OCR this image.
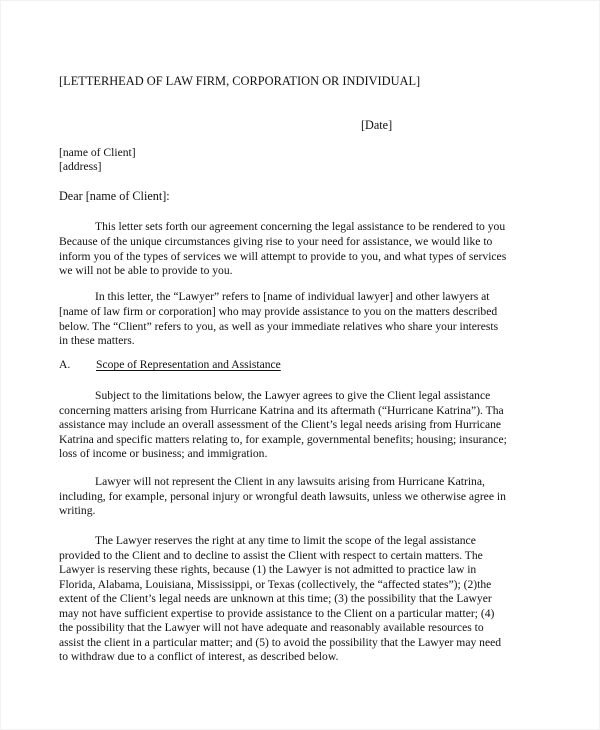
[LETTERHEAD OF LAW FIRM, CORPORATION OR INDIVIDUAL]
[Date]
[name of Client]
[address]
Dear [name of Client]:
This letter sets forth our agreement concerning the legal assistance to be rendered to you
Because of the unique circumstances giving rise to your need for assistance, we would like to
inform you of the types of services we will attempt to provide to you, and what types of services
we will not be able to provide to you.
In this letter, the “Lawyer” refers to [name of individual lawyer] and other lawyers at
[name of law firm or corporation] who may provide assistance to you on the matters described
below. The “Client” refers to you, as well as your immediate relatives who share your interests
in these matters.
A. Scope of Representation and Assistance
Subject to the limitations below, the Lawyer agrees to give the Client legal assistance
concerning matters arising from Hurricane Katrina and its aftermath (“Hurricane Katrina”). Tha
assistance may include an overall assessment of the Client’s legal needs arising from Hurricane
Katrina and specific matters relating to, for example, governmental benefits; housing; insurance;
loss of income or business; and immigration.
Lawyer will not represent the Client in any lawsuits arising from Hurricane Katrina,
including, for example, personal injury or wrongful death lawsuits, unless we otherwise agree in
writing.
The Lawyer reserves the right at any time to limit the scope of the legal assistance
provided to the Client and to decline to assist the Client with respect to certain matters. The
Lawyer is reserving these rights, because (1) the Lawyer is not admitted to practice law in
Florida, Alabama, Louisiana, Mississippi, or Texas (collectively, the “affected states”); (2)the
extent of the Client’s legal needs are unknown at this time; (3) the possibility that the Lawyer
may not have sufficient expertise to provide assistance to the Client on a particular matter; (4)
the possibility that the Lawyer will not have adequate and reasonably available resources to
assist the client in a particular matter; and (5) to avoid the possibility that the Lawyer may need
to withdraw due to a conflict of interest, as described below.
